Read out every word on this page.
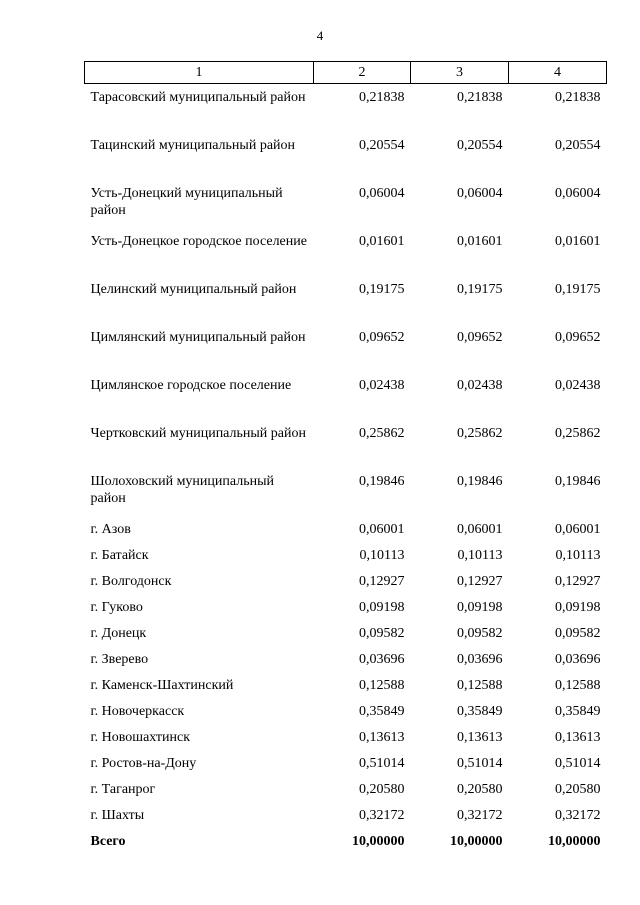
4
1	2	3	4
Тарасовский муниципальный район	0,21838	0,21838	0,21838
Тацинский муниципальный район	0,20554	0,20554	0,20554
Усть-Донецкий муниципальный район	0,06004	0,06004	0,06004
Усть-Донецкое городское поселение	0,01601	0,01601	0,01601
Целинский муниципальный район	0,19175	0,19175	0,19175
Цимлянский муниципальный район	0,09652	0,09652	0,09652
Цимлянское городское поселение	0,02438	0,02438	0,02438
Чертковский муниципальный район	0,25862	0,25862	0,25862
Шолоховский муниципальный район	0,19846	0,19846	0,19846
г. Азов	0,06001	0,06001	0,06001
г. Батайск	0,10113	0,10113	0,10113
г. Волгодонск	0,12927	0,12927	0,12927
г. Гуково	0,09198	0,09198	0,09198
г. Донецк	0,09582	0,09582	0,09582
г. Зверево	0,03696	0,03696	0,03696
г. Каменск-Шахтинский	0,12588	0,12588	0,12588
г. Новочеркасск	0,35849	0,35849	0,35849
г. Новошахтинск	0,13613	0,13613	0,13613
г. Ростов-на-Дону	0,51014	0,51014	0,51014
г. Таганрог	0,20580	0,20580	0,20580
г. Шахты	0,32172	0,32172	0,32172
Всего	10,00000	10,00000	10,00000
